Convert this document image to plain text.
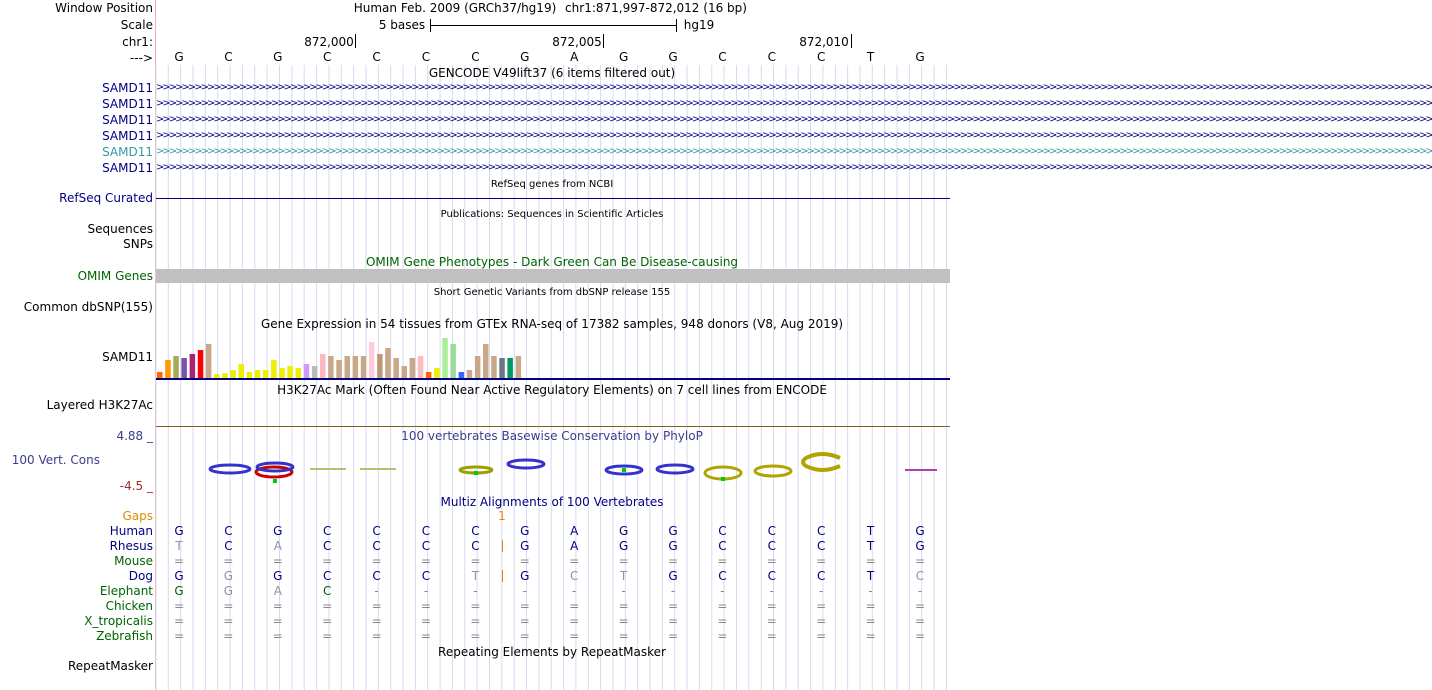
Window Position	Human Feb. 2009 (GRCh37/hg19) chr1:871,997-872,012 (16 bp)
Scale	5 bases	hg19
chr1:	872,000	872,005	872,010
--->	G	C	G	C	C	C	C	G	A	G	G	C	C	C	T	G
GENCODE V49lift37 (6 items filtered out)
SAMD11 >>>>>>>>>>>>>>>>>>>>>>>>>>>>>>>>>>>>>>>>>>>>>>>>>>>>>>>>>>>>>>>>>>>>>>>>>>>>>>>>>>>>>>>>>>>>>>>>>>>>>>>>>>>>>>>>>>>>>>>>>>>>>>>>>>>>>>>>>>>>>>>>>>>>>>>>>>>>>>>>>>>>>>>>>>>>>>>>>>>>>>>>>>>>>>>>>>>>>>>>
SAMD11 >>>>>>>>>>>>>>>>>>>>>>>>>>>>>>>>>>>>>>>>>>>>>>>>>>>>>>>>>>>>>>>>>>>>>>>>>>>>>>>>>>>>>>>>>>>>>>>>>>>>>>>>>>>>>>>>>>>>>>>>>>>>>>>>>>>>>>>>>>>>>>>>>>>>>>>>>>>>>>>>>>>>>>>>>>>>>>>>>>>>>>>>>>>>>>>>>>>>>>>>
SAMD11 >>>>>>>>>>>>>>>>>>>>>>>>>>>>>>>>>>>>>>>>>>>>>>>>>>>>>>>>>>>>>>>>>>>>>>>>>>>>>>>>>>>>>>>>>>>>>>>>>>>>>>>>>>>>>>>>>>>>>>>>>>>>>>>>>>>>>>>>>>>>>>>>>>>>>>>>>>>>>>>>>>>>>>>>>>>>>>>>>>>>>>>>>>>>>>>>>>>>>>>>
SAMD11 >>>>>>>>>>>>>>>>>>>>>>>>>>>>>>>>>>>>>>>>>>>>>>>>>>>>>>>>>>>>>>>>>>>>>>>>>>>>>>>>>>>>>>>>>>>>>>>>>>>>>>>>>>>>>>>>>>>>>>>>>>>>>>>>>>>>>>>>>>>>>>>>>>>>>>>>>>>>>>>>>>>>>>>>>>>>>>>>>>>>>>>>>>>>>>>>>>>>>>>>
SAMD11 >>>>>>>>>>>>>>>>>>>>>>>>>>>>>>>>>>>>>>>>>>>>>>>>>>>>>>>>>>>>>>>>>>>>>>>>>>>>>>>>>>>>>>>>>>>>>>>>>>>>>>>>>>>>>>>>>>>>>>>>>>>>>>>>>>>>>>>>>>>>>>>>>>>>>>>>>>>>>>>>>>>>>>>>>>>>>>>>>>>>>>>>>>>>>>>>>>>>>>>>
SAMD11 >>>>>>>>>>>>>>>>>>>>>>>>>>>>>>>>>>>>>>>>>>>>>>>>>>>>>>>>>>>>>>>>>>>>>>>>>>>>>>>>>>>>>>>>>>>>>>>>>>>>>>>>>>>>>>>>>>>>>>>>>>>>>>>>>>>>>>>>>>>>>>>>>>>>>>>>>>>>>>>>>>>>>>>>>>>>>>>>>>>>>>>>>>>>>>>>>>>>>>>>
RefSeq genes from NCBI
RefSeq Curated
Publications: Sequences in Scientific Articles
Sequences
SNPs
OMIM Gene Phenotypes - Dark Green Can Be Disease-causing
OMIM Genes
Short Genetic Variants from dbSNP release 155
Common dbSNP(155)
Gene Expression in 54 tissues from GTEx RNA-seq of 17382 samples, 948 donors (V8, Aug 2019)
SAMD11
H3K27Ac Mark (Often Found Near Active Regulatory Elements) on 7 cell lines from ENCODE
Layered H3K27Ac
100 vertebrates Basewise Conservation by PhyloP
4.88 _
100 Vert. Cons
-4.5 _
Multiz Alignments of 100 Vertebrates
Gaps	1
Human	G	C	G	C	C	C	C	G	A	G	G	C	C	C	T	G
Rhesus	T	C	A	C	C	C	C	G	A	G	G	C	C	C	T	G
Mouse	=	=	=	=	=	=	=	=	=	=	=	=	=	=	=	=
Dog	G	G	G	C	C	C	T	G	C	T	G	C	C	C	T	C
Elephant	G	G	A	C	-	-	-	-	-	-	-	-	-	-	-	-
Chicken	=	=	=	=	=	=	=	=	=	=	=	=	=	=	=	=
X_tropicalis	=	=	=	=	=	=	=	=	=	=	=	=	=	=	=	=
Zebrafish	=	=	=	=	=	=	=	=	=	=	=	=	=	=	=	=
Repeating Elements by RepeatMasker
RepeatMasker
